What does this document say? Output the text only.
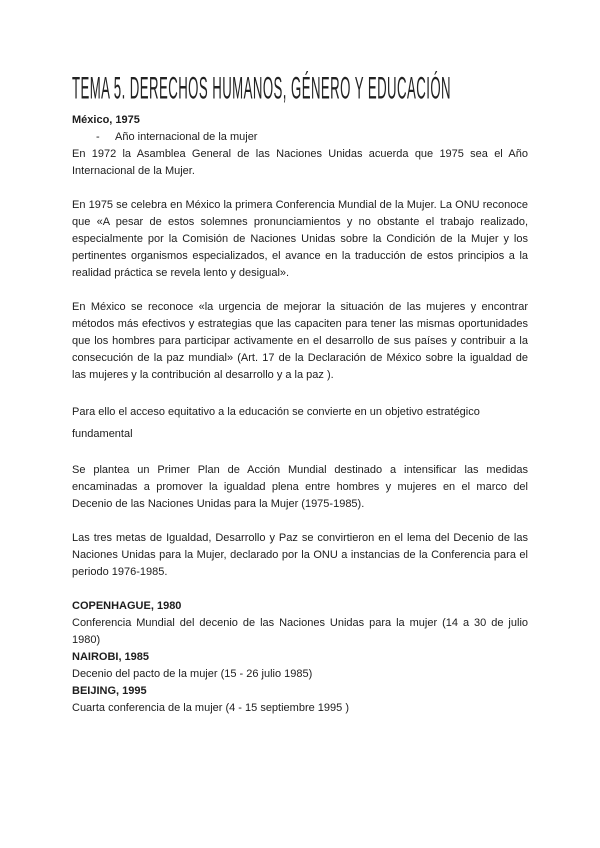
TEMA 5. DERECHOS HUMANOS, GÉNERO Y EDUCACIÓN

México, 1975

- Año internacional de la mujer

En 1972 la Asamblea General de las Naciones Unidas acuerda que 1975 sea el Año Internacional de la Mujer.

En 1975 se celebra en México la primera Conferencia Mundial de la Mujer. La ONU reconoce que «A pesar de estos solemnes pronunciamientos y no obstante el trabajo realizado, especialmente por la Comisión de Naciones Unidas sobre la Condición de la Mujer y los pertinentes organismos especializados, el avance en la traducción de estos principios a la realidad práctica se revela lento y desigual».

En México se reconoce «la urgencia de mejorar la situación de las mujeres y encontrar métodos más efectivos y estrategias que las capaciten para tener las mismas oportunidades que los hombres para participar activamente en el desarrollo de sus países y contribuir a la consecución de la paz mundial» (Art. 17 de la Declaración de México sobre la igualdad de las mujeres y la contribución al desarrollo y a la paz ).

Para ello el acceso equitativo a la educación se convierte en un objetivo estratégico fundamental

Se plantea un Primer Plan de Acción Mundial destinado a intensificar las medidas encaminadas a promover la igualdad plena entre hombres y mujeres en el marco del Decenio de las Naciones Unidas para la Mujer (1975-1985).

Las tres metas de Igualdad, Desarrollo y Paz se convirtieron en el lema del Decenio de las Naciones Unidas para la Mujer, declarado por la ONU a instancias de la Conferencia para el periodo 1976-1985.

COPENHAGUE, 1980

Conferencia Mundial del decenio de las Naciones Unidas para la mujer (14 a 30 de julio 1980)

NAIROBI, 1985

Decenio del pacto de la mujer (15 - 26 julio 1985)

BEIJING, 1995

Cuarta conferencia de la mujer (4 - 15 septiembre 1995 )
